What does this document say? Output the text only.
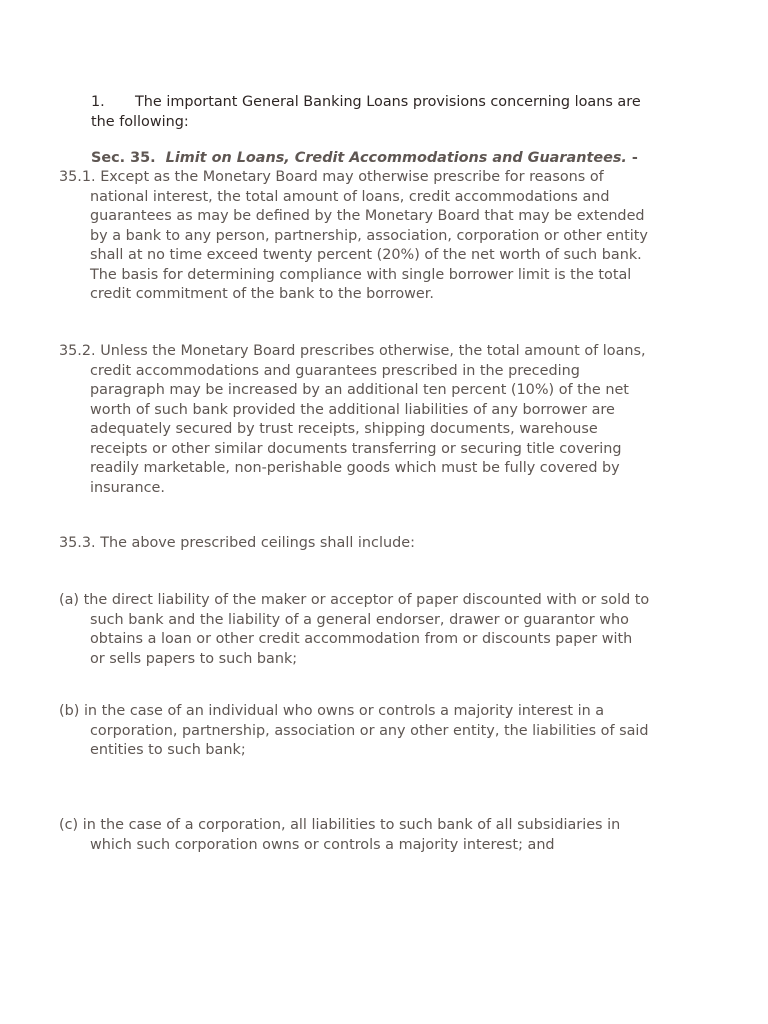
1. The important General Banking Loans provisions concerning loans are
the following:
Sec. 35. Limit on Loans, Credit Accommodations and Guarantees. -
35.1. Except as the Monetary Board may otherwise prescribe for reasons of
national interest, the total amount of loans, credit accommodations and
guarantees as may be defined by the Monetary Board that may be extended
by a bank to any person, partnership, association, corporation or other entity
shall at no time exceed twenty percent (20%) of the net worth of such bank.
The basis for determining compliance with single borrower limit is the total
credit commitment of the bank to the borrower.
35.2. Unless the Monetary Board prescribes otherwise, the total amount of loans,
credit accommodations and guarantees prescribed in the preceding
paragraph may be increased by an additional ten percent (10%) of the net
worth of such bank provided the additional liabilities of any borrower are
adequately secured by trust receipts, shipping documents, warehouse
receipts or other similar documents transferring or securing title covering
readily marketable, non-perishable goods which must be fully covered by
insurance.
35.3. The above prescribed ceilings shall include:
(a) the direct liability of the maker or acceptor of paper discounted with or sold to
such bank and the liability of a general endorser, drawer or guarantor who
obtains a loan or other credit accommodation from or discounts paper with
or sells papers to such bank;
(b) in the case of an individual who owns or controls a majority interest in a
corporation, partnership, association or any other entity, the liabilities of said
entities to such bank;
(c) in the case of a corporation, all liabilities to such bank of all subsidiaries in
which such corporation owns or controls a majority interest; and
